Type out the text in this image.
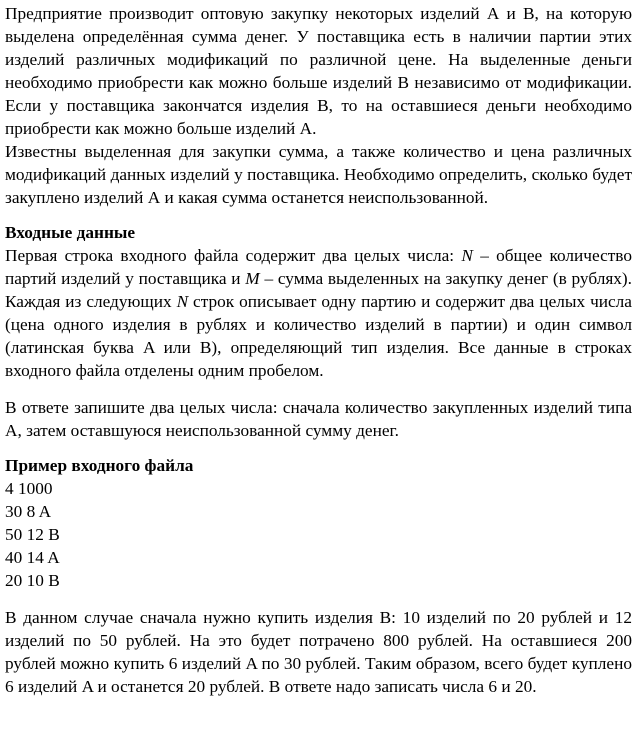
Предприятие производит оптовую закупку некоторых изделий А и В, на которую выделена определённая сумма денег. У поставщика есть в наличии партии этих изделий различных модификаций по различной цене. На выделенные деньги необходимо приобрести как можно больше изделий В независимо от модификации. Если у поставщика закончатся изделия В, то на оставшиеся деньги необходимо приобрести как можно больше изделий А.

Известны выделенная для закупки сумма, а также количество и цена различных модификаций данных изделий у поставщика. Необходимо определить, сколько будет закуплено изделий А и какая сумма останется неиспользованной.

Входные данные

Первая строка входного файла содержит два целых числа: N – общее количество партий изделий у поставщика и M – сумма выделенных на закупку денег (в рублях). Каждая из следующих N строк описывает одну партию и содержит два целых числа (цена одного изделия в рублях и количество изделий в партии) и один символ (латинская буква A или B), определяющий тип изделия. Все данные в строках входного файла отделены одним пробелом.

В ответе запишите два целых числа: сначала количество закупленных изделий типа А, затем оставшуюся неиспользованной сумму денег.

Пример входного файла

4 1000
30 8 A
50 12 B
40 14 A
20 10 B

В данном случае сначала нужно купить изделия B: 10 изделий по 20 рублей и 12 изделий по 50 рублей. На это будет потрачено 800 рублей. На оставшиеся 200 рублей можно купить 6 изделий A по 30 рублей. Таким образом, всего будет куплено 6 изделий A и останется 20 рублей. В ответе надо записать числа 6 и 20.
